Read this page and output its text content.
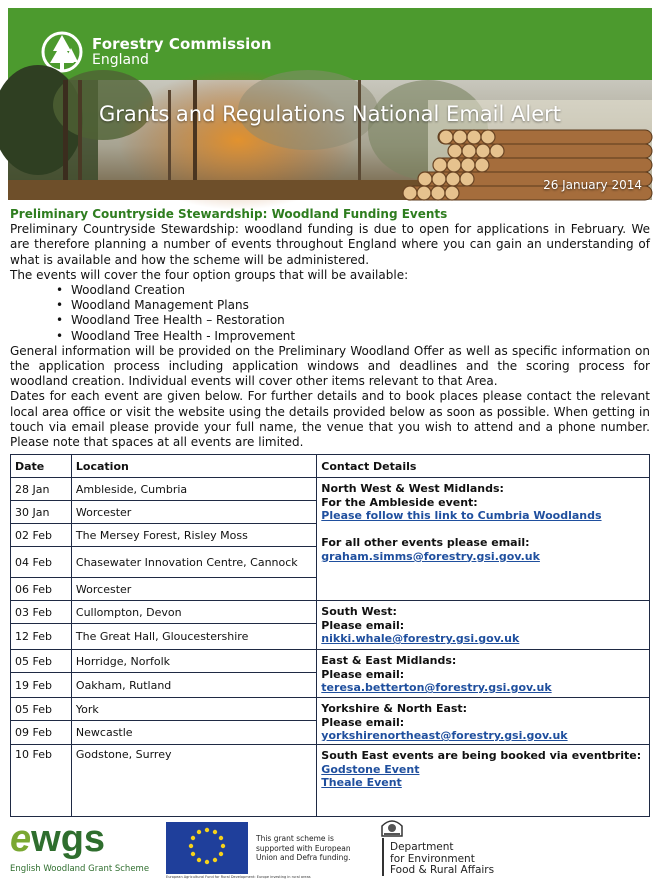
Forestry Commission
England
Grants and Regulations National Email Alert
26 January 2014
Preliminary Countryside Stewardship: Woodland Funding Events

Preliminary Countryside Stewardship: woodland funding is due to open for applications in February. We are therefore planning a number of events throughout England where you can gain an understanding of what is available and how the scheme will be administered.

The events will cover the four option groups that will be available:

• Woodland Creation
• Woodland Management Plans
• Woodland Tree Health – Restoration
• Woodland Tree Health - Improvement

General information will be provided on the Preliminary Woodland Offer as well as specific information on the application process including application windows and deadlines and the scoring process for woodland creation. Individual events will cover other items relevant to that Area.

Dates for each event are given below. For further details and to book places please contact the relevant local area office or visit the website using the details provided below as soon as possible. When getting in touch via email please provide your full name, the venue that you wish to attend and a phone number. Please note that spaces at all events are limited.

Date	Location	Contact Details
28 Jan	Ambleside, Cumbria	North West & West Midlands:
For the Ambleside event:
Please follow this link to Cumbria Woodlands
For all other events please email:
graham.simms@forestry.gsi.gov.uk

30 Jan	Worcester	
02 Feb	The Mersey Forest, Risley Moss	
04 Feb	Chasewater Innovation Centre, Cannock	
06 Feb	Worcester	
03 Feb	Cullompton, Devon	South West:
Please email:
nikki.whale@forestry.gsi.gov.uk

12 Feb	The Great Hall, Gloucestershire	
05 Feb	Horridge, Norfolk	East & East Midlands:
Please email:
teresa.betterton@forestry.gsi.gov.uk

19 Feb	Oakham, Rutland	
05 Feb	York	Yorkshire & North East:
Please email:
yorkshirenortheast@forestry.gsi.gov.uk

09 Feb	Newcastle	
10 Feb	Godstone, Surrey	South East events are being booked via eventbrite:
Godstone Event
Theale Event
ewgs
English Woodland Grant Scheme
This grant scheme is supported with European Union and Defra funding.
European Agricultural Fund for Rural Development: Europe investing in rural areas
Department
for Environment
Food & Rural Affairs
